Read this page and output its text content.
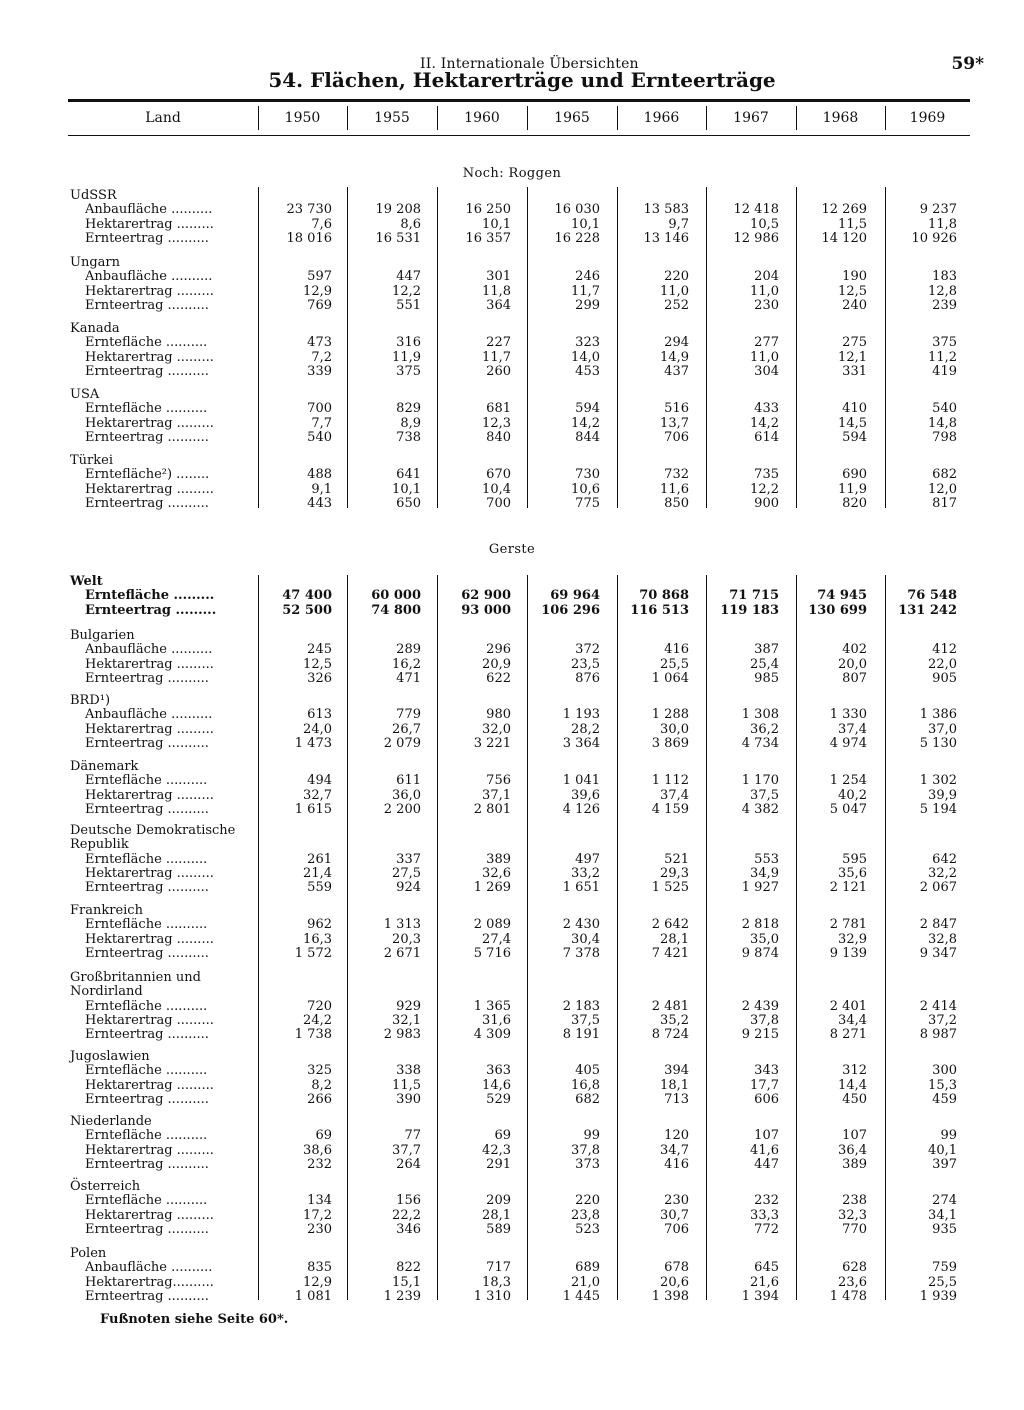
II. Internationale Übersichten	59*
54. Flächen, Hektarerträge und Ernteerträge
Land	1950	1955	1960	1965	1966	1967	1968	1969
Noch: Roggen
UdSSR
Anbaufläche ..........	23 730	19 208	16 250	16 030	13 583	12 418	12 269	9 237
Hektarertrag .........	7,6	8,6	10,1	10,1	9,7	10,5	11,5	11,8
Ernteertrag ..........	18 016	16 531	16 357	16 228	13 146	12 986	14 120	10 926
Ungarn
Anbaufläche ..........	597	447	301	246	220	204	190	183
Hektarertrag .........	12,9	12,2	11,8	11,7	11,0	11,0	12,5	12,8
Ernteertrag ..........	769	551	364	299	252	230	240	239
Kanada
Erntefläche ..........	473	316	227	323	294	277	275	375
Hektarertrag .........	7,2	11,9	11,7	14,0	14,9	11,0	12,1	11,2
Ernteertrag ..........	339	375	260	453	437	304	331	419
USA
Erntefläche ..........	700	829	681	594	516	433	410	540
Hektarertrag .........	7,7	8,9	12,3	14,2	13,7	14,2	14,5	14,8
Ernteertrag ..........	540	738	840	844	706	614	594	798
Türkei
Erntefläche²) ........	488	641	670	730	732	735	690	682
Hektarertrag .........	9,1	10,1	10,4	10,6	11,6	12,2	11,9	12,0
Ernteertrag ..........	443	650	700	775	850	900	820	817
Gerste
Welt
Erntefläche .........	47 400	60 000	62 900	69 964	70 868	71 715	74 945	76 548
Ernteertrag .........	52 500	74 800	93 000	106 296	116 513	119 183	130 699	131 242
Bulgarien
Anbaufläche ..........	245	289	296	372	416	387	402	412
Hektarertrag .........	12,5	16,2	20,9	23,5	25,5	25,4	20,0	22,0
Ernteertrag ..........	326	471	622	876	1 064	985	807	905
BRD¹)
Anbaufläche ..........	613	779	980	1 193	1 288	1 308	1 330	1 386
Hektarertrag .........	24,0	26,7	32,0	28,2	30,0	36,2	37,4	37,0
Ernteertrag ..........	1 473	2 079	3 221	3 364	3 869	4 734	4 974	5 130
Dänemark
Erntefläche ..........	494	611	756	1 041	1 112	1 170	1 254	1 302
Hektarertrag .........	32,7	36,0	37,1	39,6	37,4	37,5	40,2	39,9
Ernteertrag ..........	1 615	2 200	2 801	4 126	4 159	4 382	5 047	5 194
Deutsche Demokratische
Republik
Erntefläche ..........	261	337	389	497	521	553	595	642
Hektarertrag .........	21,4	27,5	32,6	33,2	29,3	34,9	35,6	32,2
Ernteertrag ..........	559	924	1 269	1 651	1 525	1 927	2 121	2 067
Frankreich
Erntefläche ..........	962	1 313	2 089	2 430	2 642	2 818	2 781	2 847
Hektarertrag .........	16,3	20,3	27,4	30,4	28,1	35,0	32,9	32,8
Ernteertrag ..........	1 572	2 671	5 716	7 378	7 421	9 874	9 139	9 347
Großbritannien und
Nordirland
Erntefläche ..........	720	929	1 365	2 183	2 481	2 439	2 401	2 414
Hektarertrag .........	24,2	32,1	31,6	37,5	35,2	37,8	34,4	37,2
Ernteertrag ..........	1 738	2 983	4 309	8 191	8 724	9 215	8 271	8 987
Jugoslawien
Erntefläche ..........	325	338	363	405	394	343	312	300
Hektarertrag .........	8,2	11,5	14,6	16,8	18,1	17,7	14,4	15,3
Ernteertrag ..........	266	390	529	682	713	606	450	459
Niederlande
Erntefläche ..........	69	77	69	99	120	107	107	99
Hektarertrag .........	38,6	37,7	42,3	37,8	34,7	41,6	36,4	40,1
Ernteertrag ..........	232	264	291	373	416	447	389	397
Österreich
Erntefläche ..........	134	156	209	220	230	232	238	274
Hektarertrag .........	17,2	22,2	28,1	23,8	30,7	33,3	32,3	34,1
Ernteertrag ..........	230	346	589	523	706	772	770	935
Polen
Anbaufläche ..........	835	822	717	689	678	645	628	759
Hektarertrag..........	12,9	15,1	18,3	21,0	20,6	21,6	23,6	25,5
Ernteertrag ..........	1 081	1 239	1 310	1 445	1 398	1 394	1 478	1 939
Fußnoten siehe Seite 60*.
